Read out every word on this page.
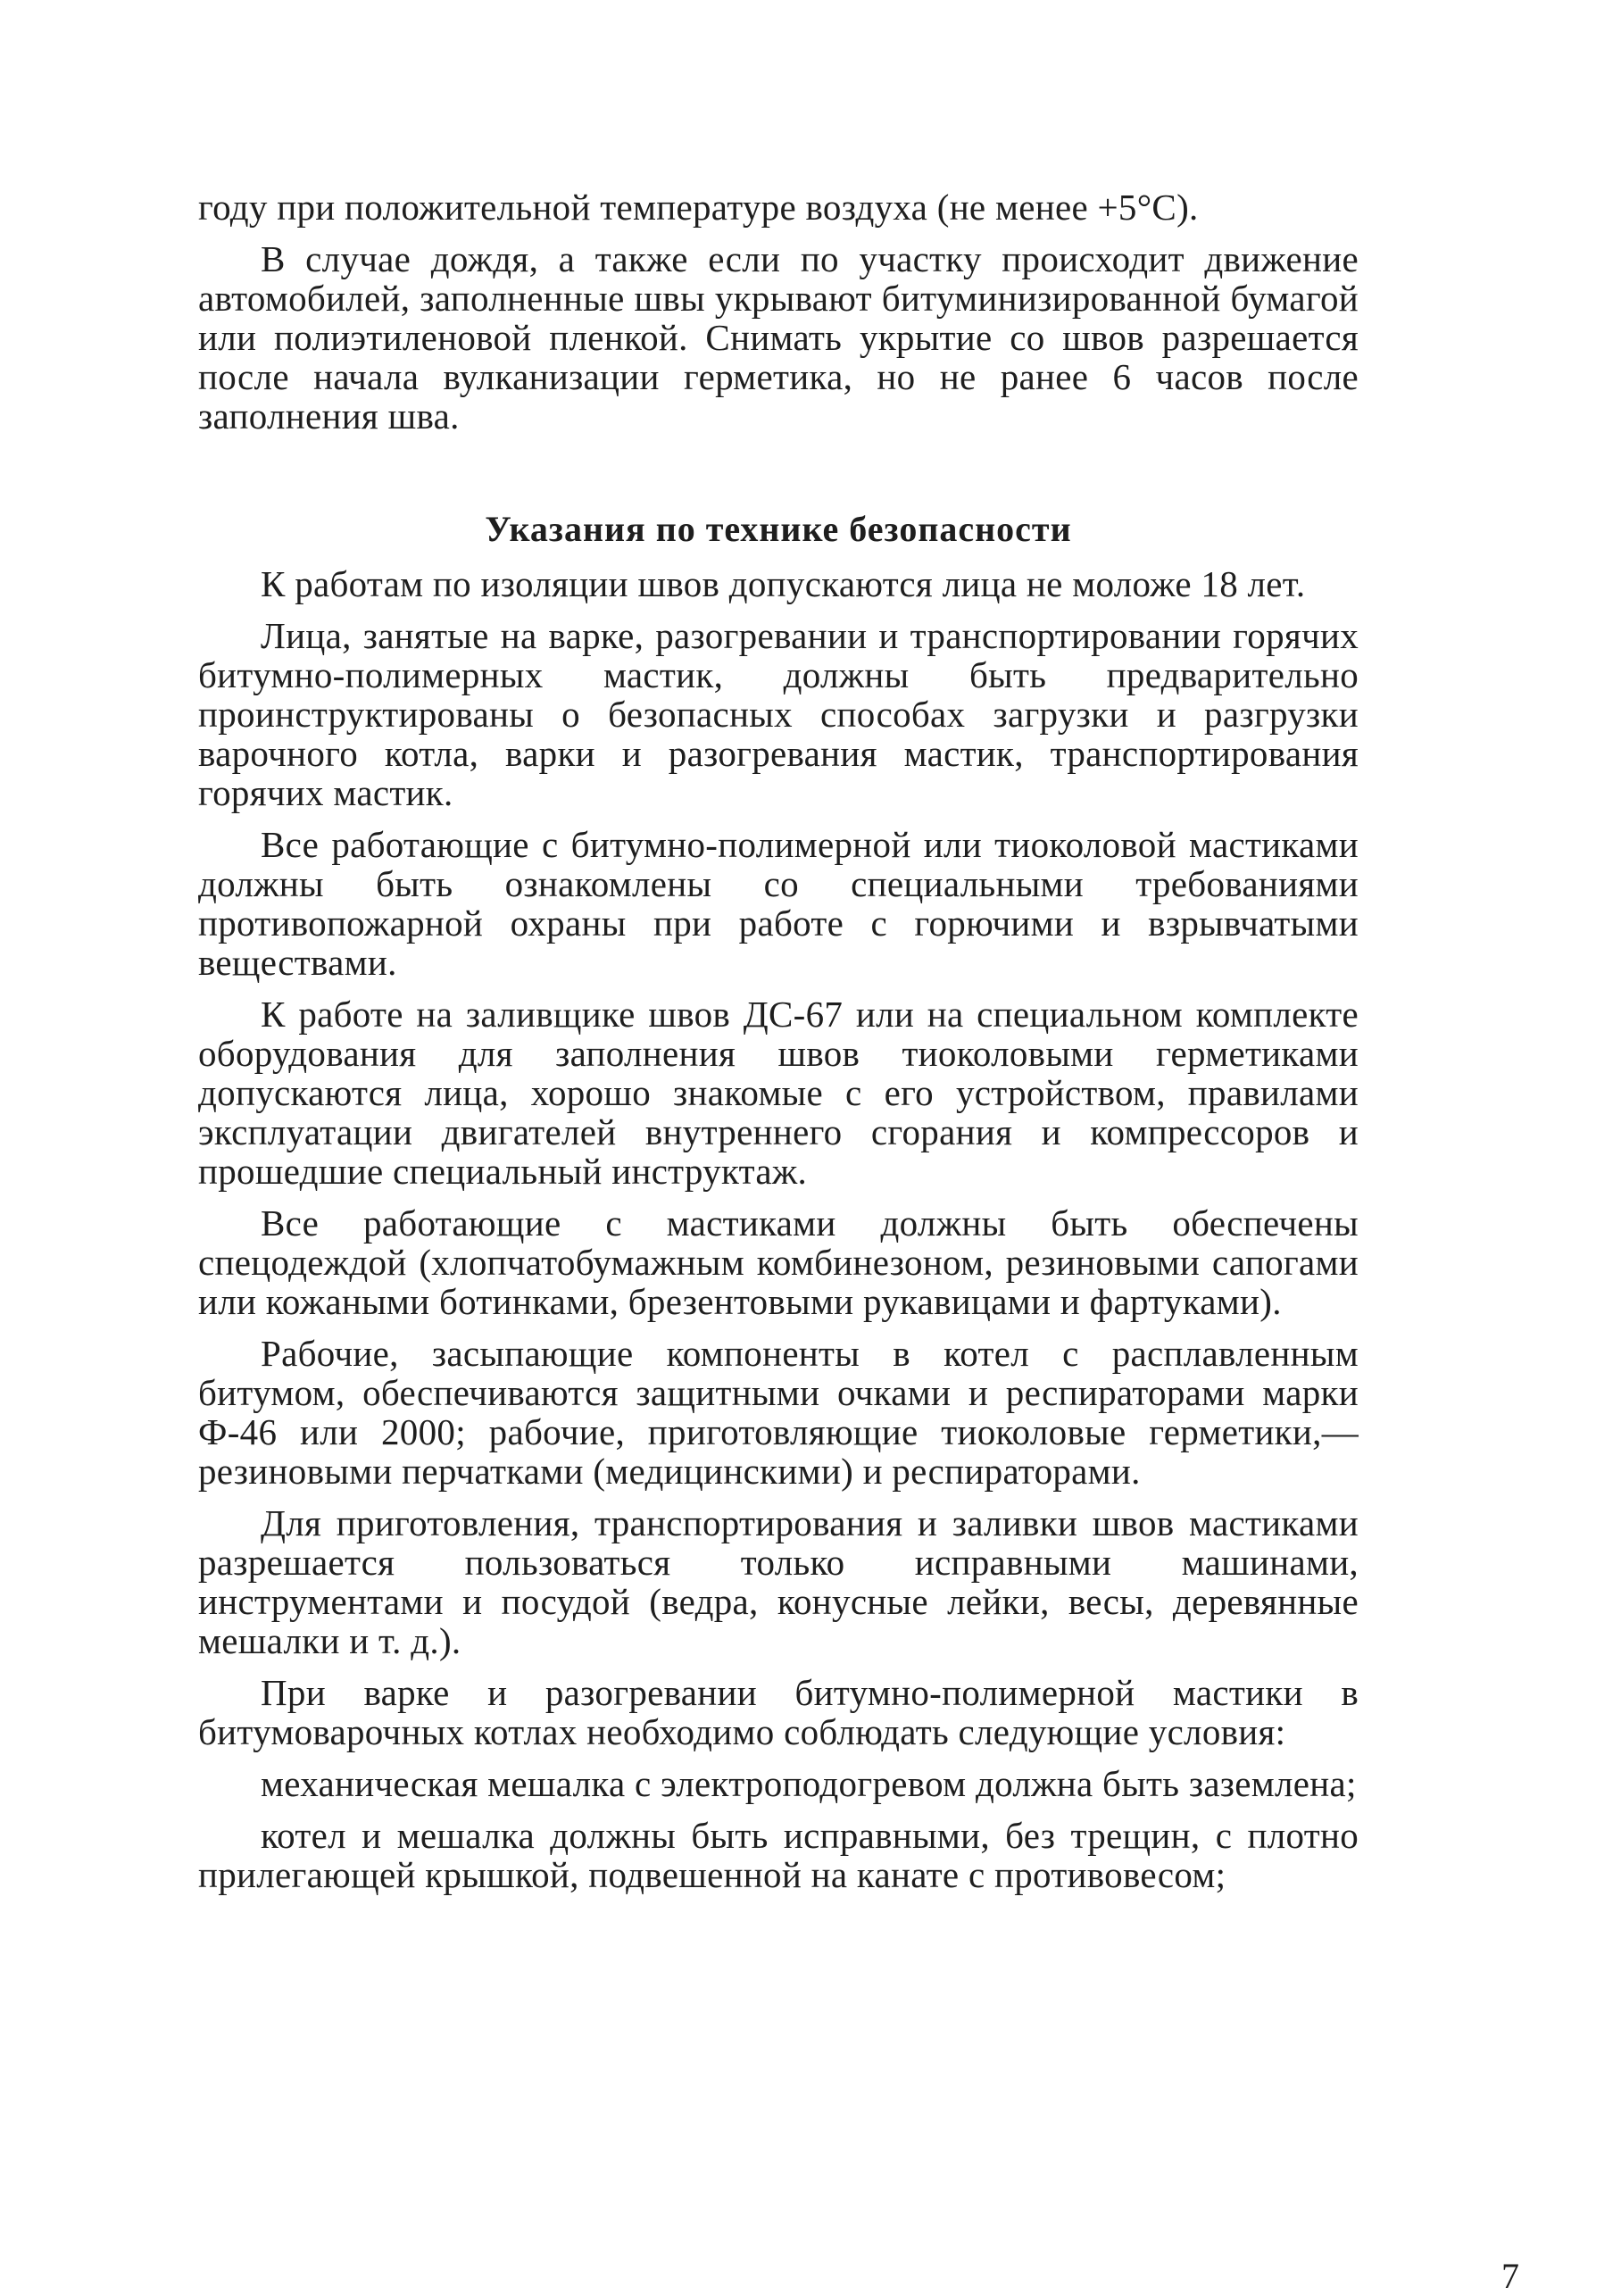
году при положительной температуре воздуха (не менее +5°С).

В случае дождя, а также если по участку происходит движение автомобилей, заполненные швы укрывают битуминизированной бумагой или полиэтиленовой пленкой. Снимать укрытие со швов разрешается после начала вулканизации герметика, но не ранее 6 часов после заполнения шва.

Указания по технике безопасности

К работам по изоляции швов допускаются лица не моложе 18 лет.

Лица, занятые на варке, разогревании и транспортировании горячих битумно-полимерных мастик, должны быть предварительно проинструктированы о безопасных способах загрузки и разгрузки варочного котла, варки и разогревания мастик, транспортирования горячих мастик.

Все работающие с битумно-полимерной или тиоколовой мастиками должны быть ознакомлены со специальными требованиями противопожарной охраны при работе с горючими и взрывчатыми веществами.

К работе на заливщике швов ДС-67 или на специальном комплекте оборудования для заполнения швов тиоколовыми герметиками допускаются лица, хорошо знакомые с его устройством, правилами эксплуатации двигателей внутреннего сгорания и компрессоров и прошедшие специальный инструктаж.

Все работающие с мастиками должны быть обеспечены спецодеждой (хлопчатобумажным комбинезоном, резиновыми сапогами или кожаными ботинками, брезентовыми рукавицами и фартуками).

Рабочие, засыпающие компоненты в котел с расплавленным битумом, обеспечиваются защитными очками и респираторами марки Ф-46 или 2000; рабочие, приготовляющие тиоколовые герметики,—резиновыми перчатками (медицинскими) и респираторами.

Для приготовления, транспортирования и заливки швов мастиками разрешается пользоваться только исправными машинами, инструментами и посудой (ведра, конусные лейки, весы, деревянные мешалки и т. д.).

При варке и разогревании битумно-полимерной мастики в битумоварочных котлах необходимо соблюдать следующие условия:

механическая мешалка с электроподогревом должна быть заземлена;

котел и мешалка должны быть исправными, без трещин, с плотно прилегающей крышкой, подвешенной на канате с противовесом;

7
